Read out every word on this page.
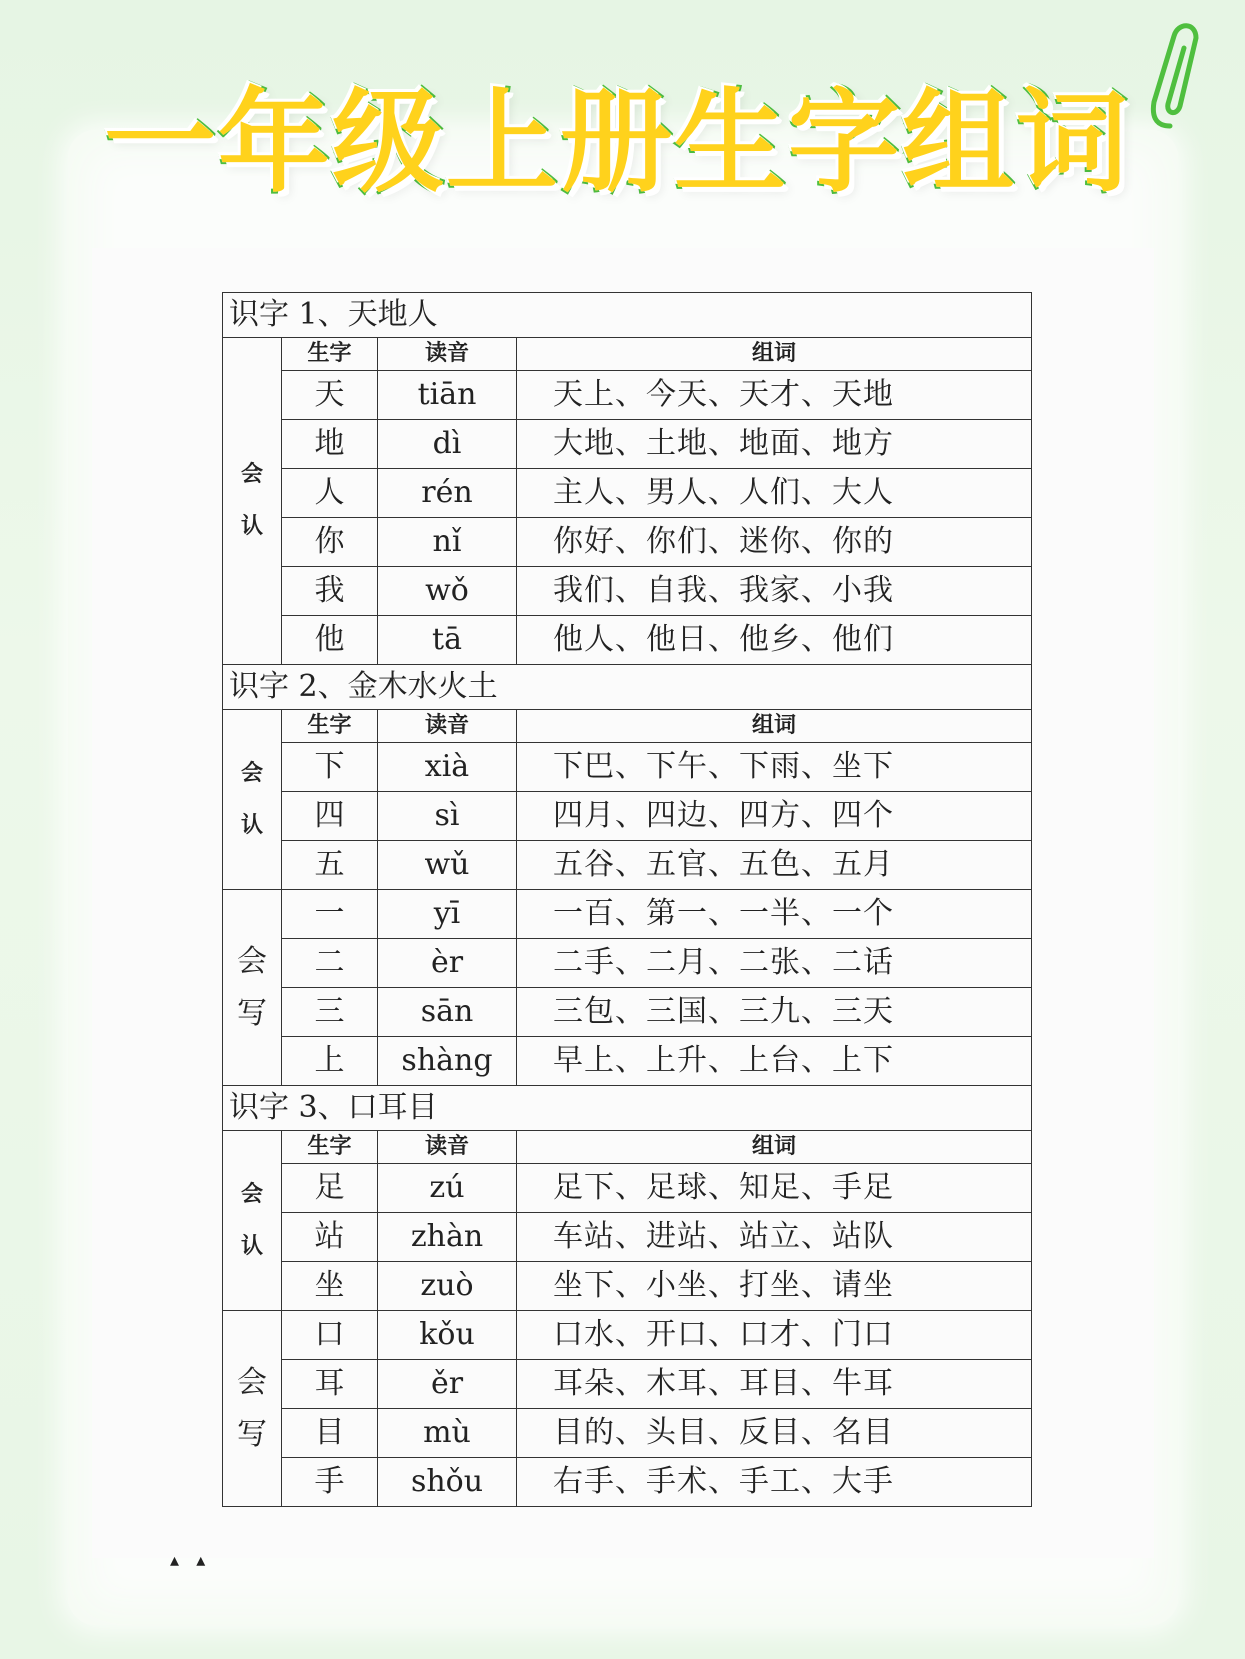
一年级上册生字组词
识字 1、天地人			

会
认	生字	读音	组词
	天	tiān	天上、今天、天才、天地
	地	dì	大地、土地、地面、地方
	人	rén	主人、男人、人们、大人
	你	nǐ	你好、你们、迷你、你的
	我	wǒ	我们、自我、我家、小我
	他	tā	他人、他日、他乡、他们
识字 2、金木水火土			

会
认	生字	读音	组词
	下	xià	下巴、下午、下雨、坐下
	四	sì	四月、四边、四方、四个
	五	wǔ	五谷、五官、五色、五月

会
写	一	yī	一百、第一、一半、一个
	二	èr	二手、二月、二张、二话
	三	sān	三包、三国、三九、三天
	上	shàng	早上、上升、上台、上下
识字 3、口耳目			

会
认	生字	读音	组词
	足	zú	足下、足球、知足、手足
	站	zhàn	车站、进站、站立、站队
	坐	zuò	坐下、小坐、打坐、请坐

会
写	口	kǒu	口水、开口、口才、门口
	耳	ěr	耳朵、木耳、耳目、牛耳
	目	mù	目的、头目、反目、名目
	手	shǒu	右手、手术、手工、大手
▴   ▴
